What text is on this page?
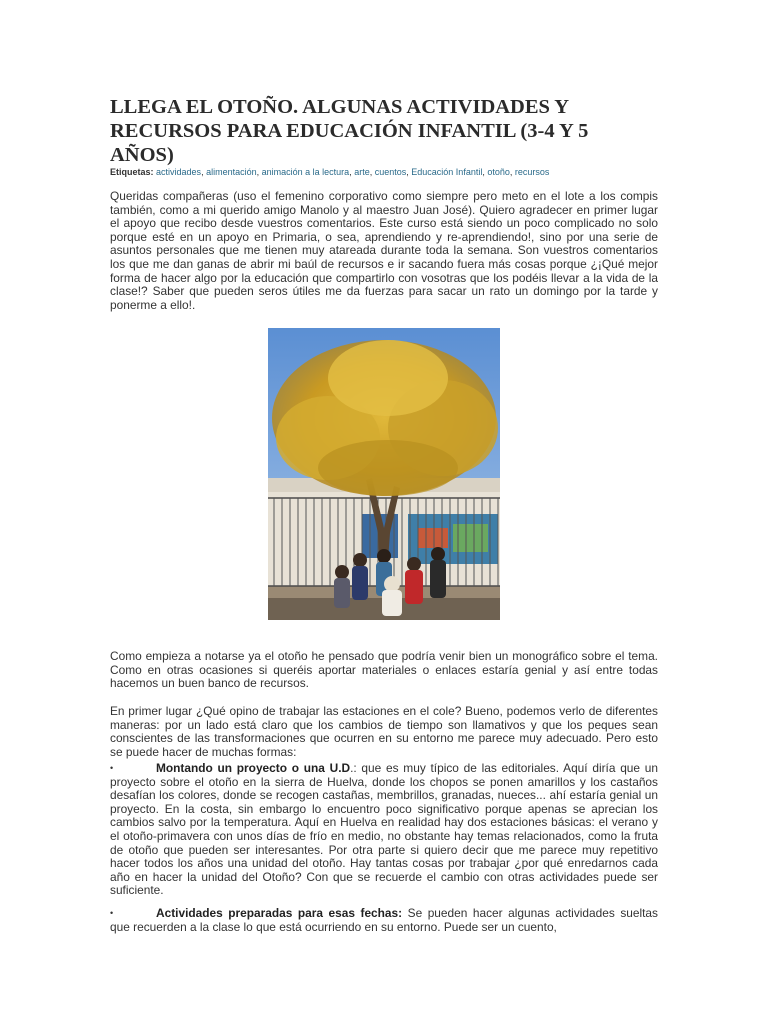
LLEGA EL OTOÑO. ALGUNAS ACTIVIDADES Y RECURSOS PARA EDUCACIÓN INFANTIL (3-4 Y 5 AÑOS)
Etiquetas: actividades, alimentación, animación a la lectura, arte, cuentos, Educación Infantil, otoño, recursos

Queridas compañeras (uso el femenino corporativo como siempre pero meto en el lote a los compis también, como a mi querido amigo Manolo y al maestro Juan José). Quiero agradecer en primer lugar el apoyo que recibo desde vuestros comentarios. Este curso está siendo un poco complicado no solo porque esté en un apoyo en Primaria, o sea, aprendiendo y re-aprendiendo!, sino por una serie de asuntos personales que me tienen muy atareada durante toda la semana. Son vuestros comentarios los que me dan ganas de abrir mi baúl de recursos e ir sacando fuera más cosas porque ¿¡Qué mejor forma de hacer algo por la educación que compartirlo con vosotras que los podéis llevar a la vida de la clase!? Saber que pueden seros útiles me da fuerzas para sacar un rato un domingo por la tarde y ponerme a ello!.

Como empieza a notarse ya el otoño he pensado que podría venir bien un monográfico sobre el tema. Como en otras ocasiones si queréis aportar materiales o enlaces estaría genial y así entre todas hacemos un buen banco de recursos.

En primer lugar ¿Qué opino de trabajar las estaciones en el cole? Bueno, podemos verlo de diferentes maneras: por un lado está claro que los cambios de tiempo son llamativos y que los peques sean conscientes de las transformaciones que ocurren en su entorno me parece muy adecuado. Pero esto se puede hacer de muchas formas:

•	Montando un proyecto o una U.D.: que es muy típico de las editoriales. Aquí diría que un proyecto sobre el otoño en la sierra de Huelva, donde los chopos se ponen amarillos y los castaños desafían los colores, donde se recogen castañas, membrillos, granadas, nueces... ahí estaría genial un proyecto. En la costa, sin embargo lo encuentro poco significativo porque apenas se aprecian los cambios salvo por la temperatura. Aquí en Huelva en realidad hay dos estaciones básicas: el verano y el otoño-primavera con unos días de frío en medio, no obstante hay temas relacionados, como la fruta de otoño que pueden ser interesantes. Por otra parte si quiero decir que me parece muy repetitivo hacer todos los años una unidad del otoño. Hay tantas cosas por trabajar ¿por qué enredarnos cada año en hacer la unidad del Otoño? Con que se recuerde el cambio con otras actividades puede ser suficiente.

•	Actividades preparadas para esas fechas: Se pueden hacer algunas actividades sueltas que recuerden a la clase lo que está ocurriendo en su entorno. Puede ser un cuento,
